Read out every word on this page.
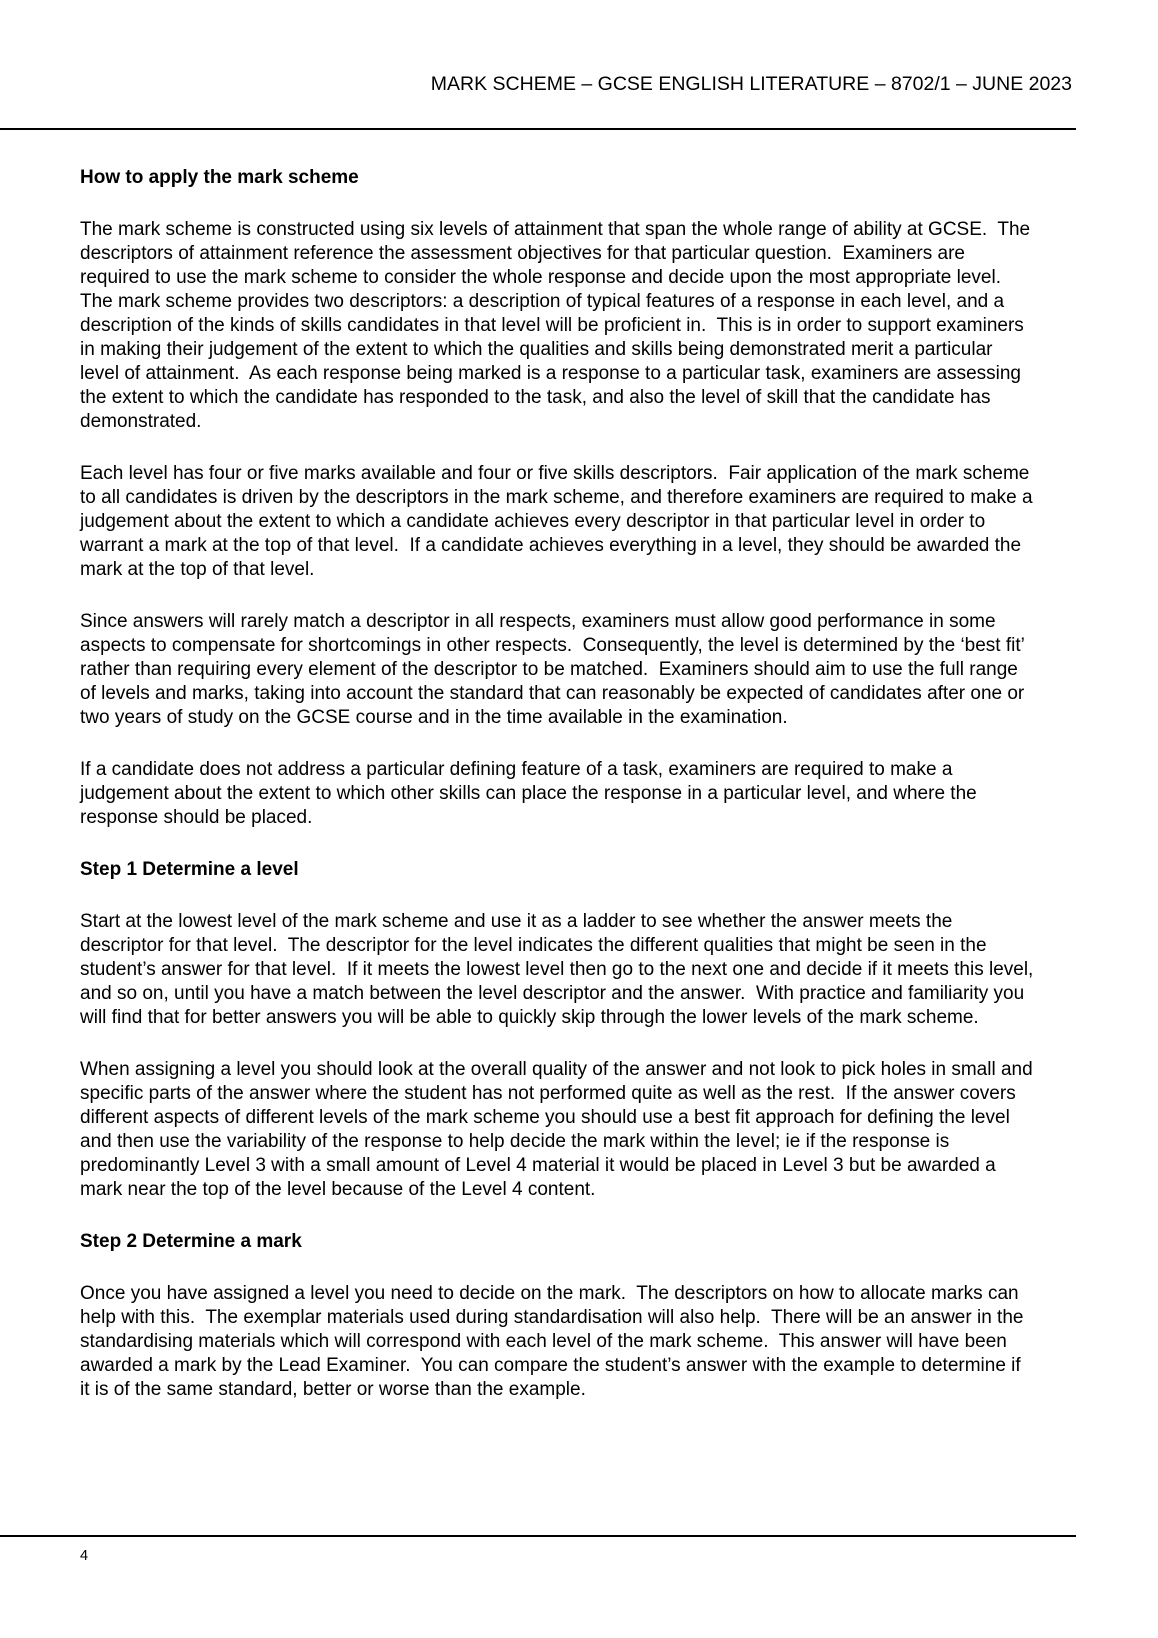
MARK SCHEME – GCSE ENGLISH LITERATURE – 8702/1 – JUNE 2023
How to apply the mark scheme

The mark scheme is constructed using six levels of attainment that span the whole range of ability at GCSE.  The descriptors of attainment reference the assessment objectives for that particular question.  Examiners are required to use the mark scheme to consider the whole response and decide upon the most appropriate level.  The mark scheme provides two descriptors: a description of typical features of a response in each level, and a description of the kinds of skills candidates in that level will be proficient in.  This is in order to support examiners in making their judgement of the extent to which the qualities and skills being demonstrated merit a particular level of attainment.  As each response being marked is a response to a particular task, examiners are assessing the extent to which the candidate has responded to the task, and also the level of skill that the candidate has demonstrated.

Each level has four or five marks available and four or five skills descriptors.  Fair application of the mark scheme to all candidates is driven by the descriptors in the mark scheme, and therefore examiners are required to make a judgement about the extent to which a candidate achieves every descriptor in that particular level in order to warrant a mark at the top of that level.  If a candidate achieves everything in a level, they should be awarded the mark at the top of that level.

Since answers will rarely match a descriptor in all respects, examiners must allow good performance in some aspects to compensate for shortcomings in other respects.  Consequently, the level is determined by the ‘best fit’ rather than requiring every element of the descriptor to be matched.  Examiners should aim to use the full range of levels and marks, taking into account the standard that can reasonably be expected of candidates after one or two years of study on the GCSE course and in the time available in the examination.

If a candidate does not address a particular defining feature of a task, examiners are required to make a judgement about the extent to which other skills can place the response in a particular level, and where the response should be placed.

Step 1 Determine a level

Start at the lowest level of the mark scheme and use it as a ladder to see whether the answer meets the descriptor for that level.  The descriptor for the level indicates the different qualities that might be seen in the student’s answer for that level.  If it meets the lowest level then go to the next one and decide if it meets this level, and so on, until you have a match between the level descriptor and the answer.  With practice and familiarity you will find that for better answers you will be able to quickly skip through the lower levels of the mark scheme.

When assigning a level you should look at the overall quality of the answer and not look to pick holes in small and specific parts of the answer where the student has not performed quite as well as the rest.  If the answer covers different aspects of different levels of the mark scheme you should use a best fit approach for defining the level and then use the variability of the response to help decide the mark within the level; ie if the response is predominantly Level 3 with a small amount of Level 4 material it would be placed in Level 3 but be awarded a mark near the top of the level because of the Level 4 content.

Step 2 Determine a mark

Once you have assigned a level you need to decide on the mark.  The descriptors on how to allocate marks can help with this.  The exemplar materials used during standardisation will also help.  There will be an answer in the standardising materials which will correspond with each level of the mark scheme.  This answer will have been awarded a mark by the Lead Examiner.  You can compare the student’s answer with the example to determine if it is of the same standard, better or worse than the example.

4
